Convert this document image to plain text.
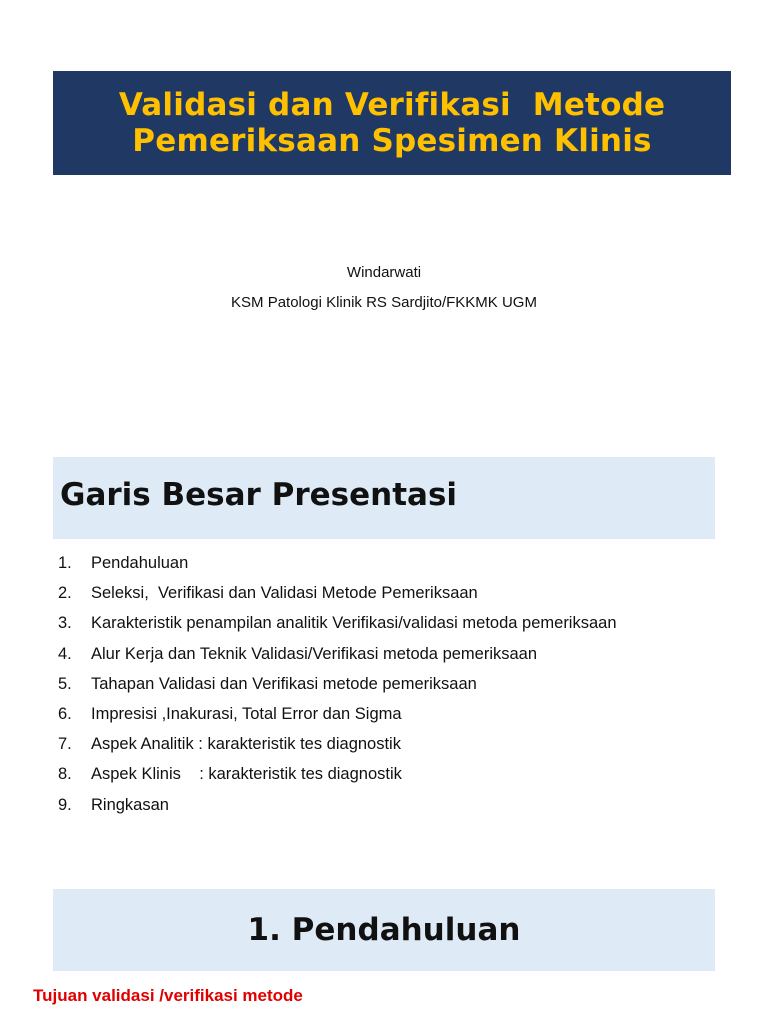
Validasi dan Verifikasi  Metode
Pemeriksaan Spesimen Klinis
Windarwati
KSM Patologi Klinik RS Sardjito/FKKMK UGM
Garis Besar Presentasi
1.	Pendahuluan
2.	Seleksi,  Verifikasi dan Validasi Metode Pemeriksaan
3.	Karakteristik penampilan analitik Verifikasi/validasi metoda pemeriksaan
4.	Alur Kerja dan Teknik Validasi/Verifikasi metoda pemeriksaan
5.	Tahapan Validasi dan Verifikasi metode pemeriksaan
6.	Impresisi ,Inakurasi, Total Error dan Sigma
7.	Aspek Analitik : karakteristik tes diagnostik
8.	Aspek Klinis    : karakteristik tes diagnostik
9.	Ringkasan
1. Pendahuluan
Tujuan validasi /verifikasi metode
